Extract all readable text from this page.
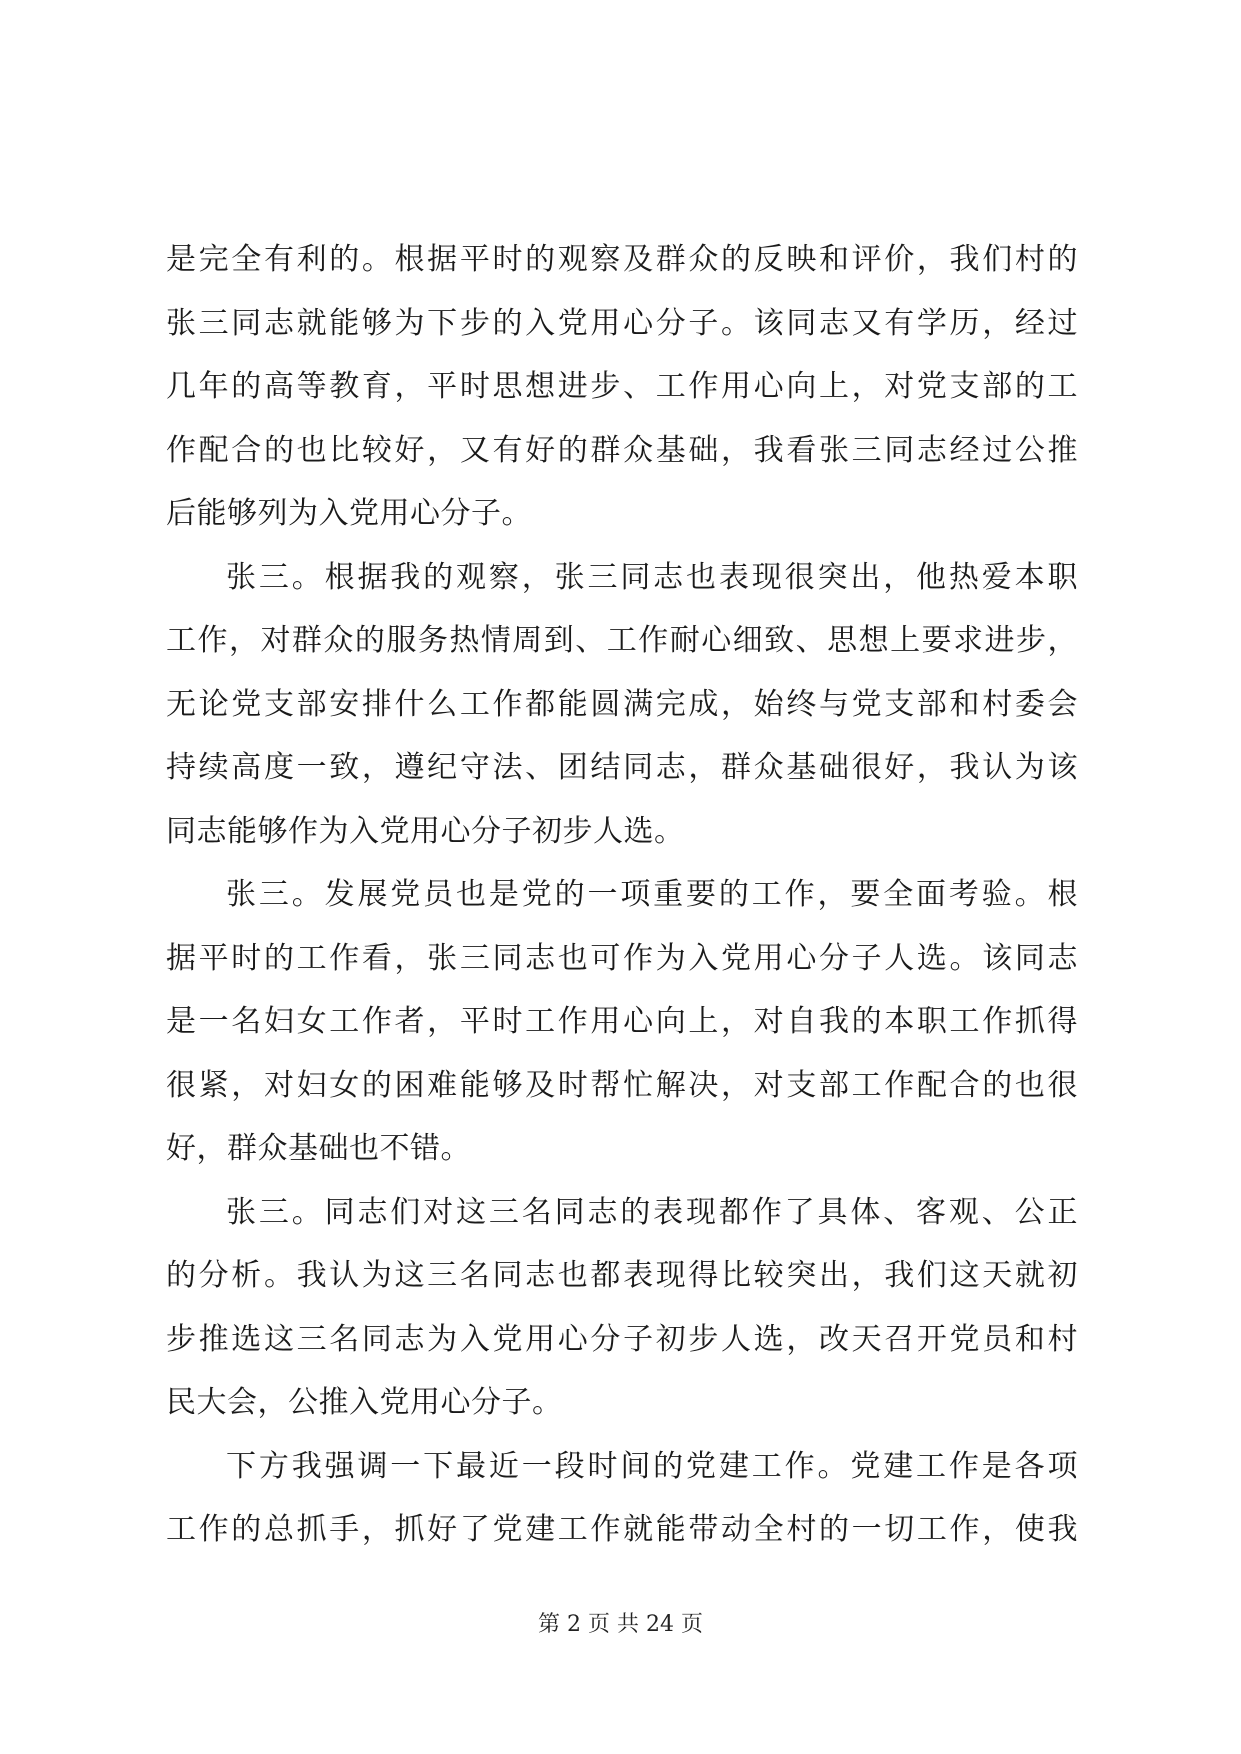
是完全有利的。根据平时的观察及群众的反映和评价，我们村的
张三同志就能够为下步的入党用心分子。该同志又有学历，经过
几年的高等教育，平时思想进步、工作用心向上，对党支部的工
作配合的也比较好，又有好的群众基础，我看张三同志经过公推
后能够列为入党用心分子。
张三。根据我的观察，张三同志也表现很突出，他热爱本职
工作，对群众的服务热情周到、工作耐心细致、思想上要求进步，
无论党支部安排什么工作都能圆满完成，始终与党支部和村委会
持续高度一致，遵纪守法、团结同志，群众基础很好，我认为该
同志能够作为入党用心分子初步人选。
张三。发展党员也是党的一项重要的工作，要全面考验。根
据平时的工作看，张三同志也可作为入党用心分子人选。该同志
是一名妇女工作者，平时工作用心向上，对自我的本职工作抓得
很紧，对妇女的困难能够及时帮忙解决，对支部工作配合的也很
好，群众基础也不错。
张三。同志们对这三名同志的表现都作了具体、客观、公正
的分析。我认为这三名同志也都表现得比较突出，我们这天就初
步推选这三名同志为入党用心分子初步人选，改天召开党员和村
民大会，公推入党用心分子。
下方我强调一下最近一段时间的党建工作。党建工作是各项
工作的总抓手，抓好了党建工作就能带动全村的一切工作，使我
第 2 页 共 24 页
